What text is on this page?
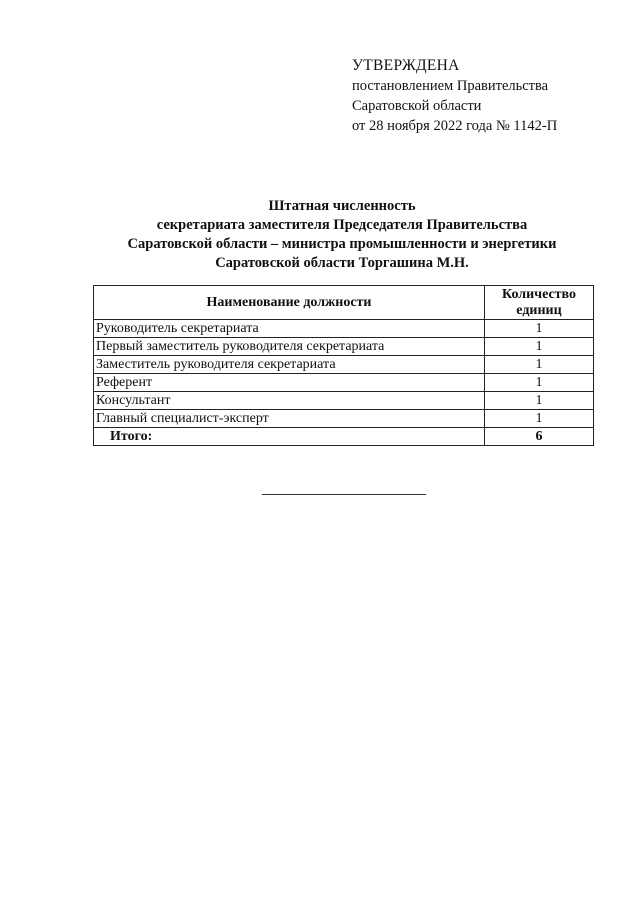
УТВЕРЖДЕНА
постановлением Правительства
Саратовской области
от 28 ноября 2022 года № 1142-П
Штатная численность
секретариата заместителя Председателя Правительства
Саратовской области – министра промышленности и энергетики
Саратовской области Торгашина М.Н.
Наименование должности	Количество
единиц

Руководитель секретариата	1
Первый заместитель руководителя секретариата	1
Заместитель руководителя секретариата	1
Референт	1
Консультант	1
Главный специалист-эксперт	1
Итого:	6
